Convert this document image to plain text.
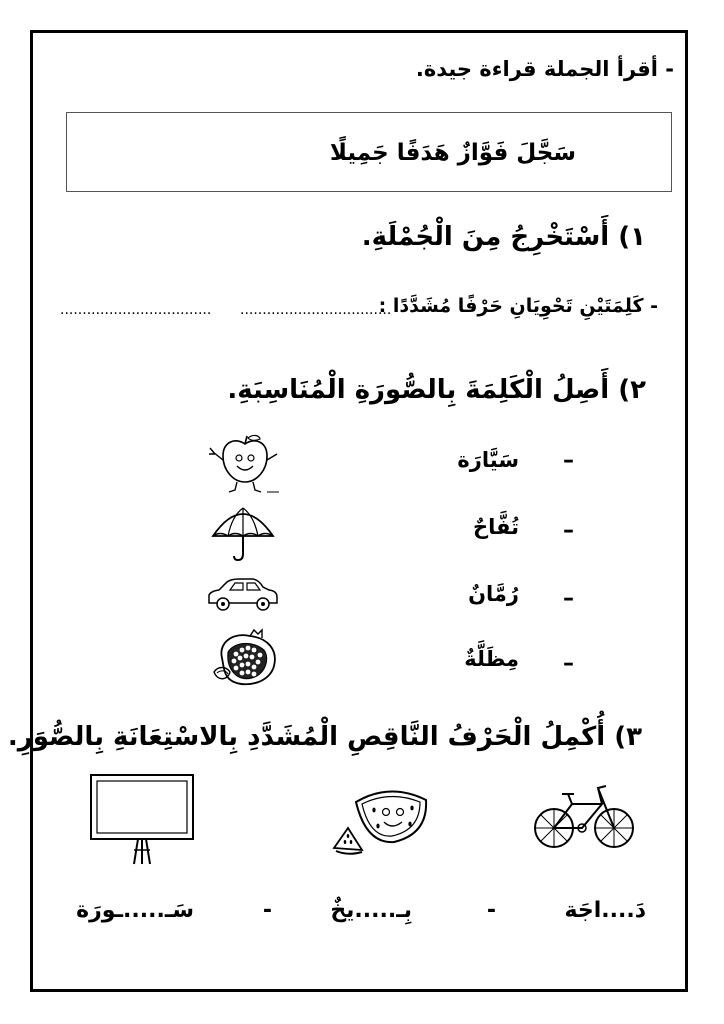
- أقرأ الجملة قراءة جيدة.
سَجَّلَ فَوَّازٌ هَدَفًا جَمِيلًا
١) أَسْتَخْرِجُ مِنَ الْجُمْلَةِ.
- كَلِمَتَيْنِ تَحْوِيَانِ حَرْفًا مُشَدَّدًا :
..................................
..................................
٢) أَصِلُ الْكَلِمَةَ بِالصُّورَةِ الْمُنَاسِبَةِ.
–
سَيَّارَة
–
تُفَّاحٌ
–
رُمَّانٌ
–
مِظَلَّةٌ
٣) أُكْمِلُ الْحَرْفُ النَّاقِصِ الْمُشَدَّدِ بِالاسْتِعَانَةِ بِالصُّوَرِ.
دَ....اجَة
-
بِـ.....يخٌ
-
سَـ.....ـورَة
